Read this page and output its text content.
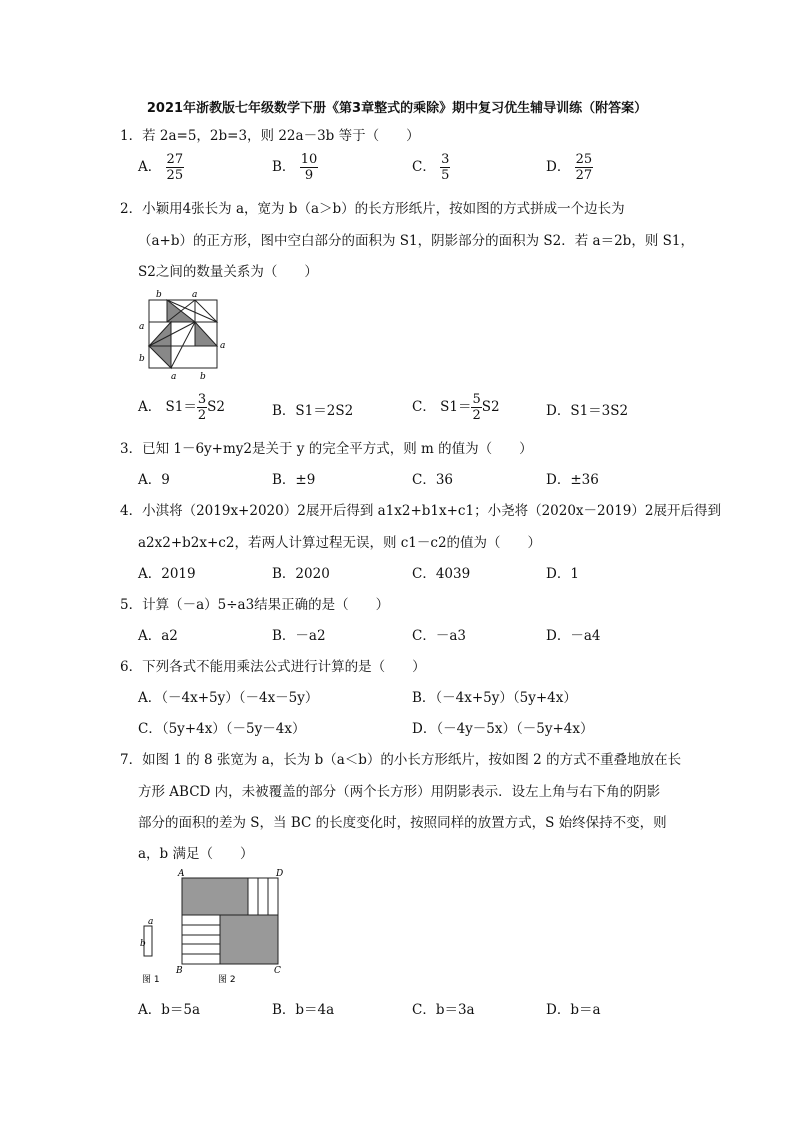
2021年浙教版七年级数学下册《第3章整式的乘除》期中复习优生辅导训练（附答案）
1．若 2a=5，2b=3，则 22a－3b 等于（　　）
A． $\frac{27}{25}$	B． $\frac{10}{9}$	C． $\frac{3}{5}$	D． $\frac{25}{27}$
2．小颖用4张长为 a，宽为 b（a＞b）的长方形纸片，按如图的方式拼成一个边长为
（a+b）的正方形，图中空白部分的面积为 S1，阴影部分的面积为 S2．若 a＝2b，则 S1，
S2之间的数量关系为（　　）
b	a
a
b
a
a	b
A． $S1= \frac{3}{2} S2$	B．S1＝2S2	C． $S1= \frac{5}{2} S2$	D．S1＝3S2
3．已知 1－6y+my2是关于 y 的完全平方式，则 m 的值为（　　）
A．9	B．±9	C．36	D．±36
4．小淇将（2019x+2020）2展开后得到 a1x2+b1x+c1；小尧将（2020x－2019）2展开后得到
a2x2+b2x+c2，若两人计算过程无误，则 c1－c2的值为（　　）
A．2019	B．2020	C．4039	D．1
5．计算（－a）5÷a3结果正确的是（　　）
A．a2	B．－a2	C．－a3	D．－a4
6．下列各式不能用乘法公式进行计算的是（　　）
A．（－4x+5y）（－4x－5y）	B．（－4x+5y）（5y+4x）
C．（5y+4x）（－5y－4x）	D．（－4y－5x）（－5y+4x）
7．如图 1 的 8 张宽为 a，长为 b（a＜b）的小长方形纸片，按如图 2 的方式不重叠地放在长
方形 ABCD 内，未被覆盖的部分（两个长方形）用阴影表示．设左上角与右下角的阴影
部分的面积的差为 S，当 BC 的长度变化时，按照同样的放置方式，S 始终保持不变，则
a，b 满足（　　）
a
b
图 1
A	D
B	C
图 2
A．b＝5a	B．b＝4a	C．b＝3a	D．b＝a
